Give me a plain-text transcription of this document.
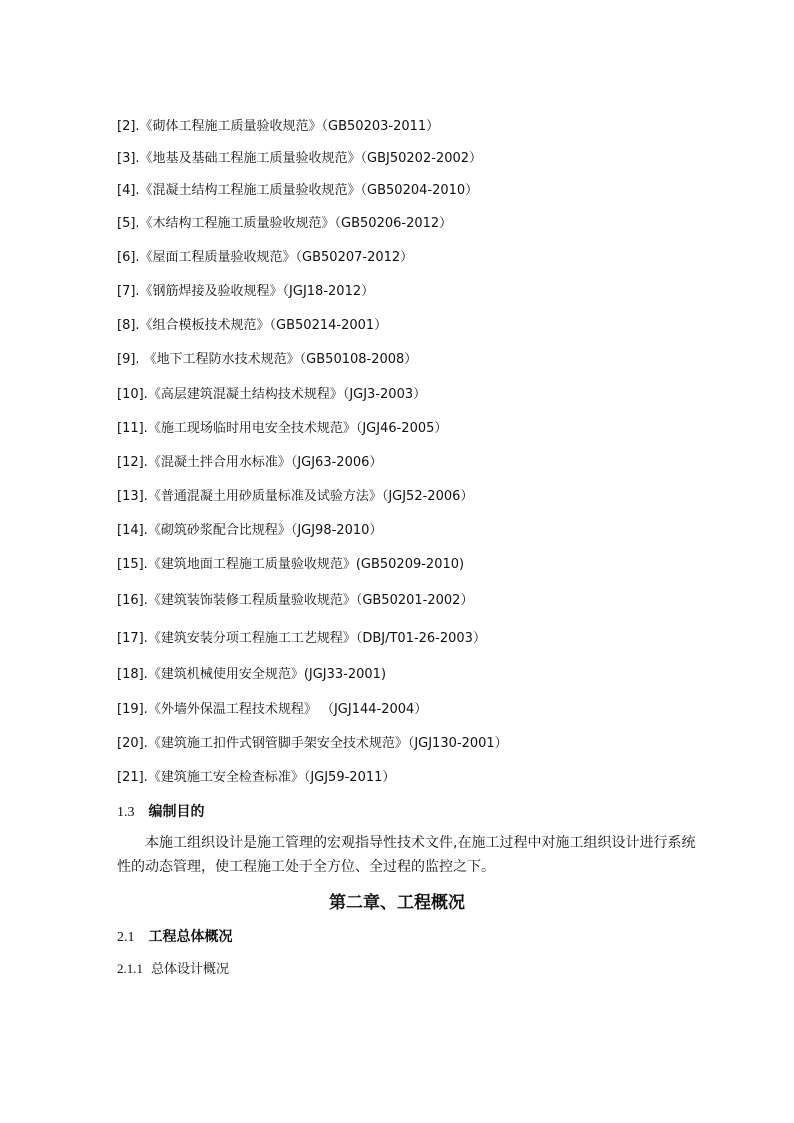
[2].《砌体工程施工质量验收规范》（GB50203-2011）
[3].《地基及基础工程施工质量验收规范》（GBJ50202-2002）
[4].《混凝土结构工程施工质量验收规范》（GB50204-2010）
[5].《木结构工程施工质量验收规范》（GB50206-2012）
[6].《屋面工程质量验收规范》（GB50207-2012）
[7].《钢筋焊接及验收规程》（JGJ18-2012）
[8].《组合模板技术规范》（GB50214-2001）
[9]. 《地下工程防水技术规范》（GB50108-2008）
[10].《高层建筑混凝土结构技术规程》（JGJ3-2003）
[11].《施工现场临时用电安全技术规范》（JGJ46-2005）
[12].《混凝土拌合用水标准》（JGJ63-2006）
[13].《普通混凝土用砂质量标准及试验方法》（JGJ52-2006）
[14].《砌筑砂浆配合比规程》（JGJ98-2010）
[15].《建筑地面工程施工质量验收规范》(GB50209-2010)
[16].《建筑装饰装修工程质量验收规范》（GB50201-2002）
[17].《建筑安装分项工程施工工艺规程》（DBJ/T01-26-2003）
[18].《建筑机械使用安全规范》(JGJ33-2001)
[19].《外墙外保温工程技术规程》 （JGJ144-2004）
[20].《建筑施工扣件式钢管脚手架安全技术规范》（JGJ130-2001）
[21].《建筑施工安全检查标准》（JGJ59-2011）
1.3 编制目的
本施工组织设计是施工管理的宏观指导性技术文件,在施工过程中对施工组织设计进行系统性的动态管理，使工程施工处于全方位、全过程的监控之下。
第二章、工程概况
2.1 工程总体概况
2.1.1 总体设计概况
